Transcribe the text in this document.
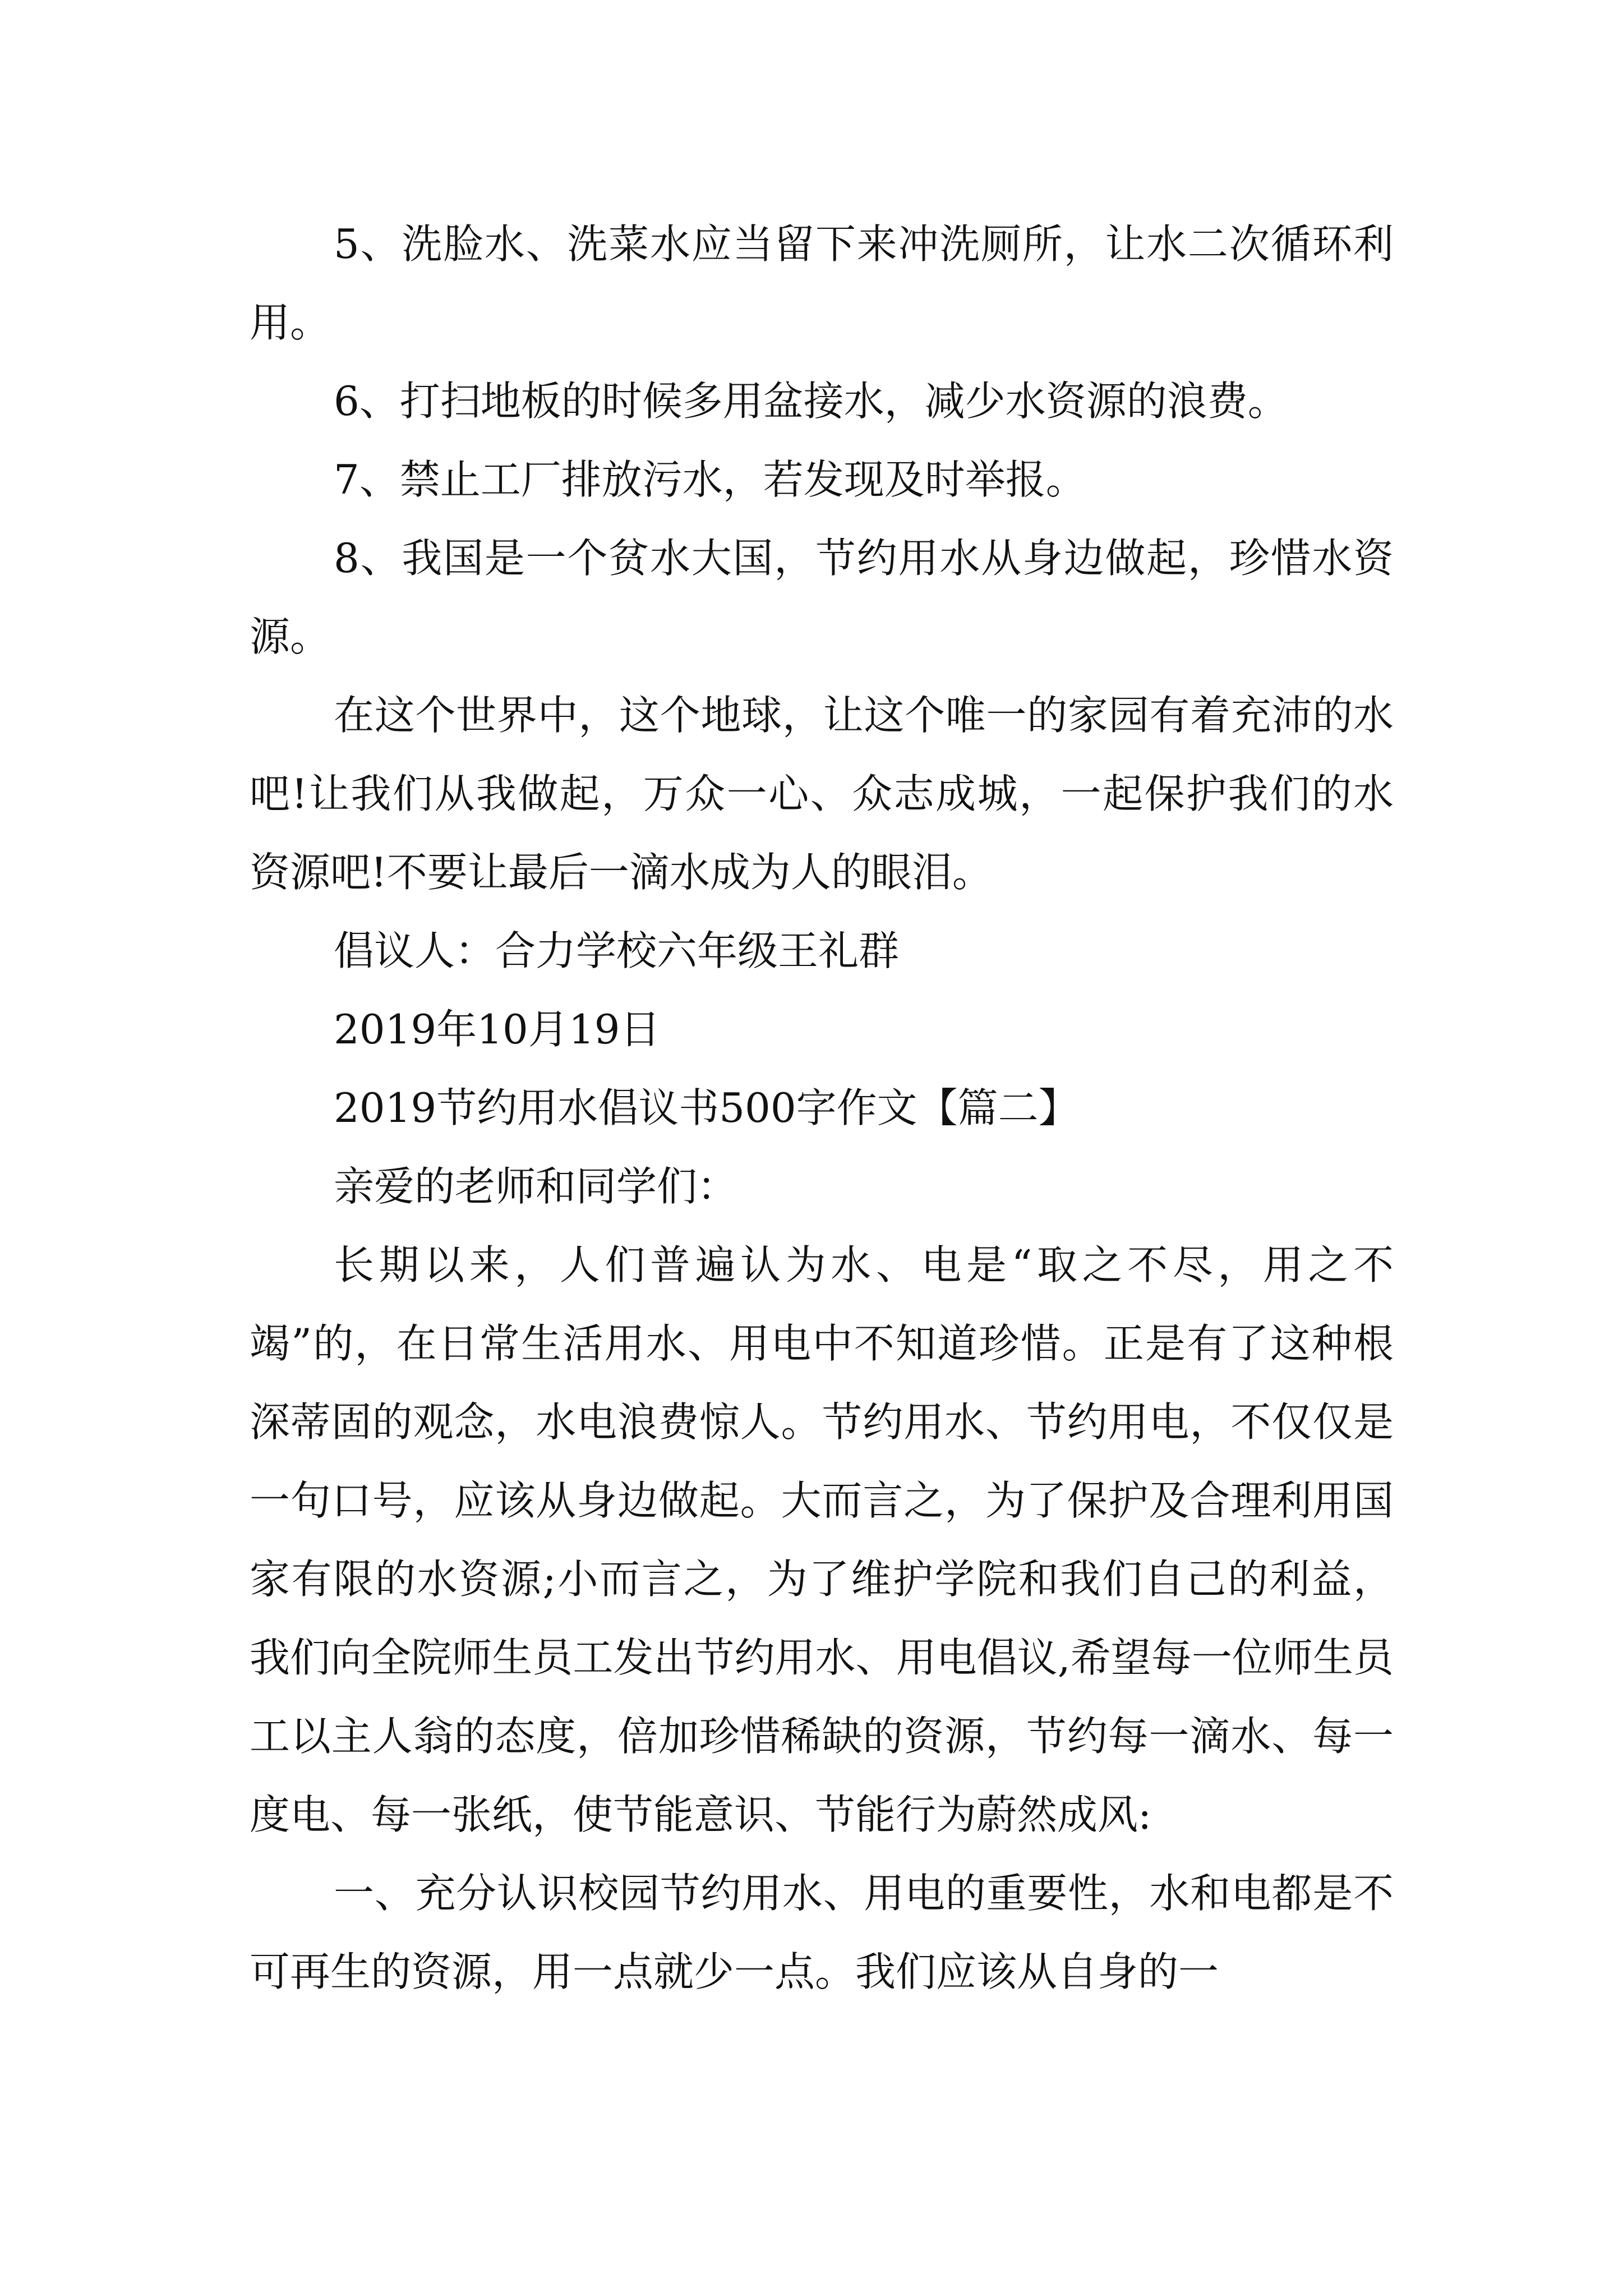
5、洗脸水、洗菜水应当留下来冲洗厕所，让水二次循环利用。

6、打扫地板的时候多用盆接水，减少水资源的浪费。

7、禁止工厂排放污水，若发现及时举报。

8、我国是一个贫水大国，节约用水从身边做起，珍惜水资源。

在这个世界中，这个地球，让这个唯一的家园有着充沛的水吧!让我们从我做起，万众一心、众志成城，一起保护我们的水资源吧!不要让最后一滴水成为人的眼泪。

倡议人：合力学校六年级王礼群

2019年10月19日

2019节约用水倡议书500字作文【篇二】

亲爱的老师和同学们：

长期以来，人们普遍认为水、电是“取之不尽，用之不竭”的，在日常生活用水、用电中不知道珍惜。正是有了这种根深蒂固的观念，水电浪费惊人。节约用水、节约用电，不仅仅是一句口号，应该从身边做起。大而言之，为了保护及合理利用国家有限的水资源;小而言之，为了维护学院和我们自己的利益，我们向全院师生员工发出节约用水、用电倡议,希望每一位师生员工以主人翁的态度，倍加珍惜稀缺的资源，节约每一滴水、每一度电、每一张纸，使节能意识、节能行为蔚然成风:

一、充分认识校园节约用水、用电的重要性，水和电都是不可再生的资源，用一点就少一点。我们应该从自身的一
